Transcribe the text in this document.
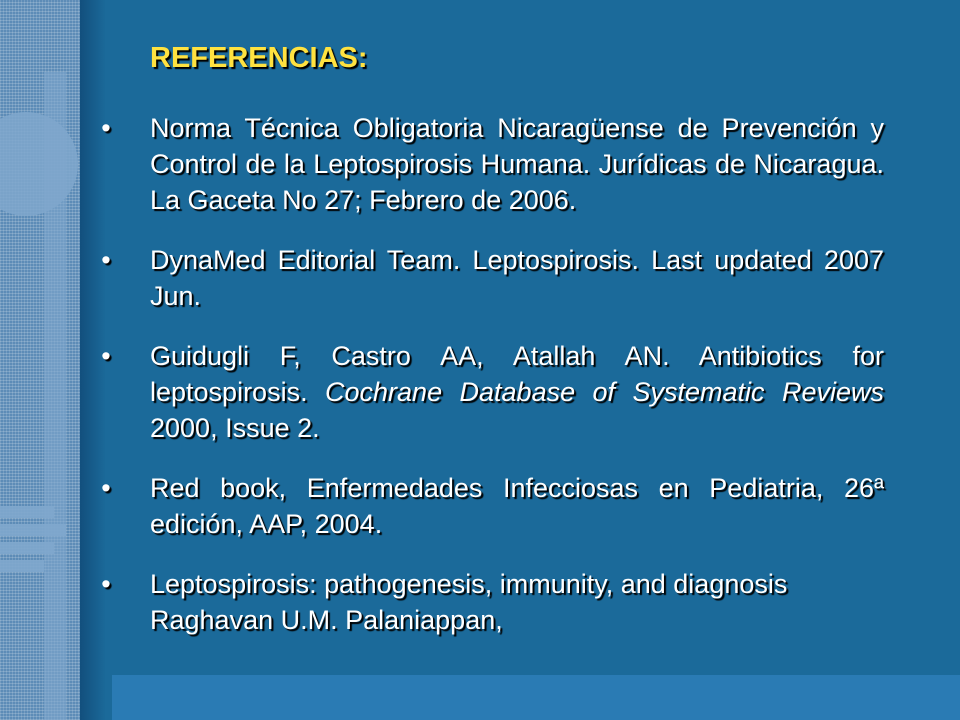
REFERENCIAS:
• Norma Técnica Obligatoria Nicaragüense de Prevención y Control de la Leptospirosis Humana. Jurídicas de Nicaragua.       La Gaceta No 27; Febrero de 2006.
• DynaMed Editorial Team. Leptospirosis. Last updated 2007 Jun.
• Guidugli F, Castro AA, Atallah AN. Antibiotics for leptospirosis. Cochrane Database of Systematic Reviews 2000, Issue 2.
• Red book, Enfermedades Infecciosas en Pediatria, 26ª edición, AAP, 2004.
• Leptospirosis: pathogenesis, immunity, and diagnosis Raghavan U.M. Palaniappan,
